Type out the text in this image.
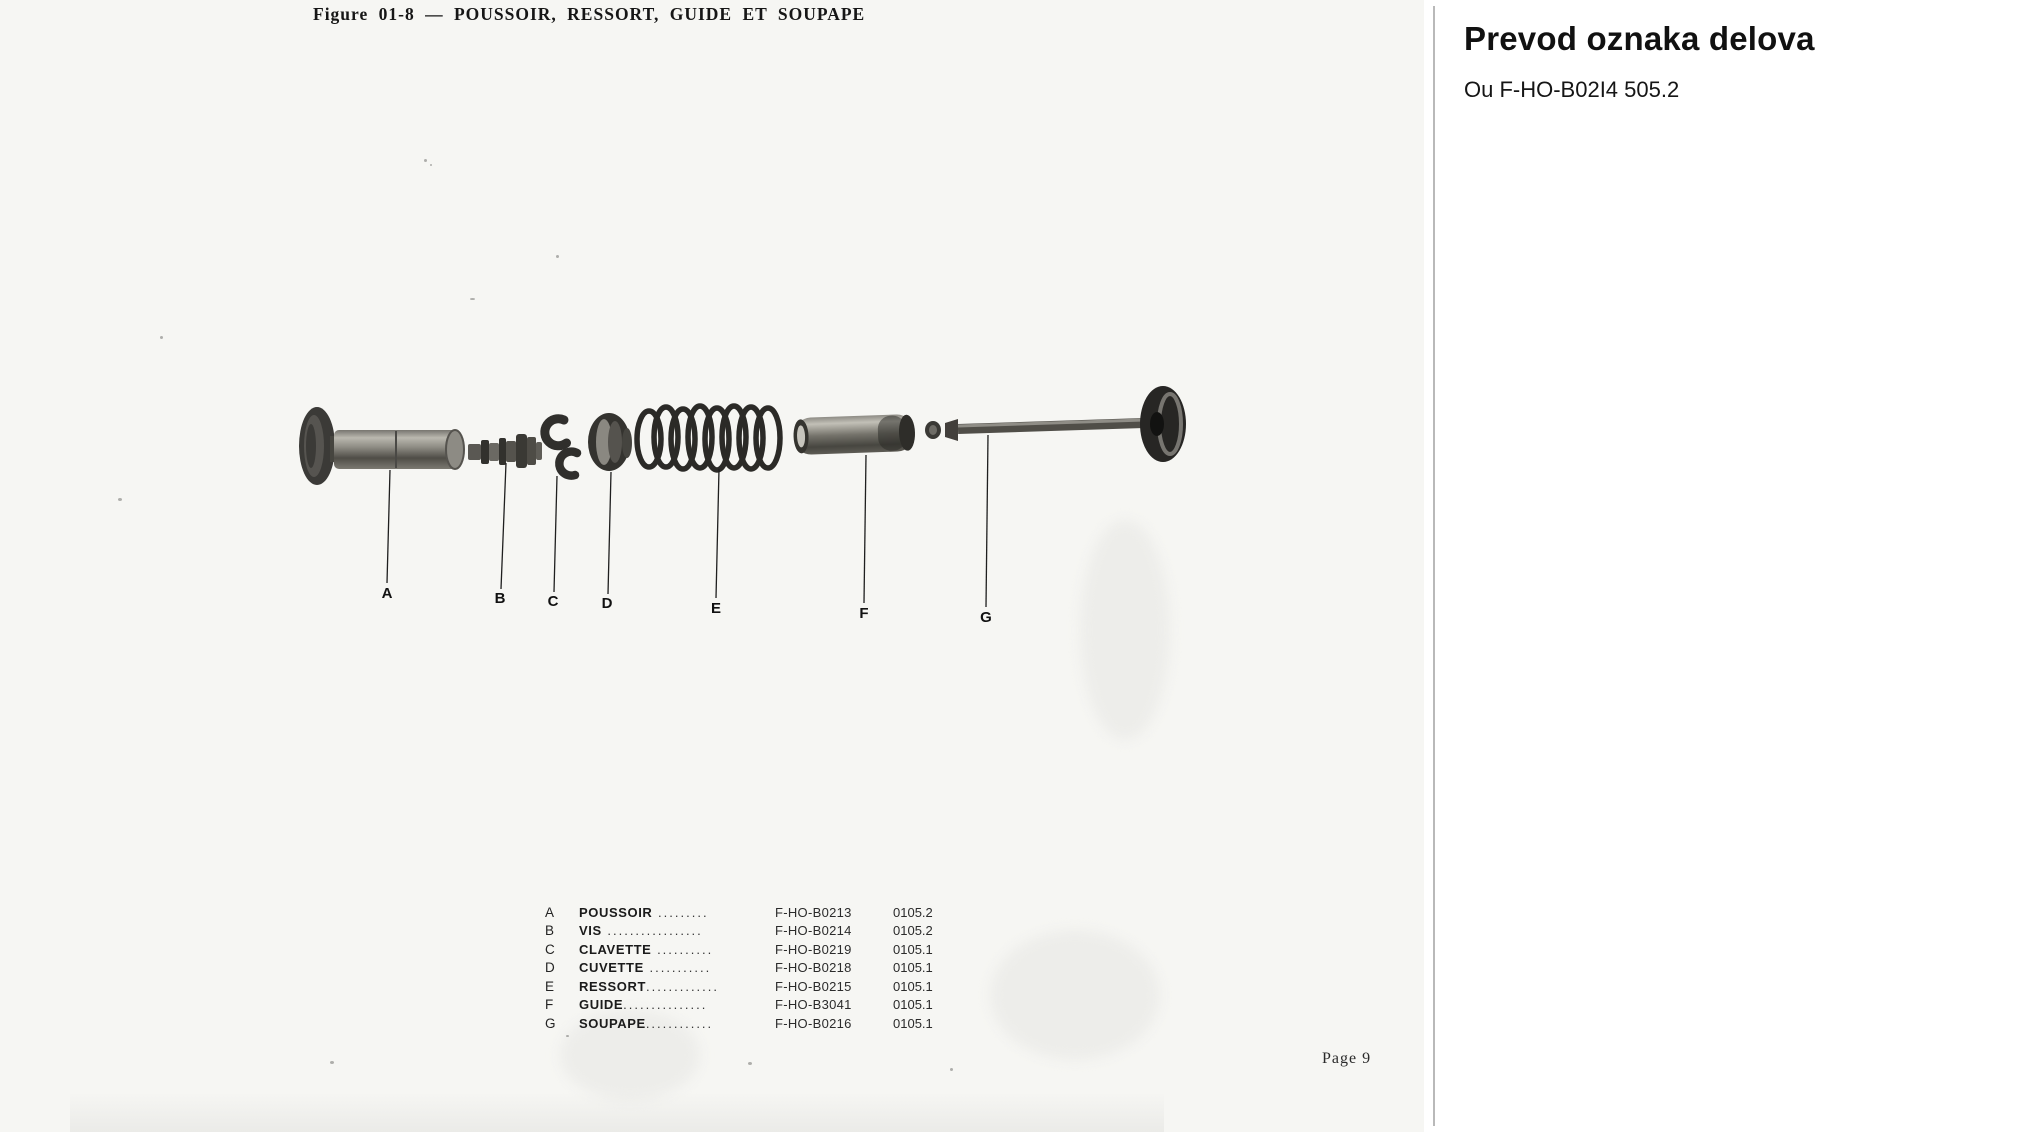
Figure 01-8 — POUSSOIR, RESSORT, GUIDE ET SOUPAPE
A	B	C	D	E	F	G
A	POUSSOIR .........	F-HO-B0213	0105.2
B	VIS .................	F-HO-B0214	0105.2
C	CLAVETTE ..........	F-HO-B0219	0105.1
D	CUVETTE ...........	F-HO-B0218	0105.1
E	RESSORT.............	F-HO-B0215	0105.1
F	GUIDE...............	F-HO-B3041	0105.1
G	SOUPAPE............	F-HO-B0216	0105.1
Page 9
Prevod oznaka delova
Ou F-HO-B02I4 505.2
